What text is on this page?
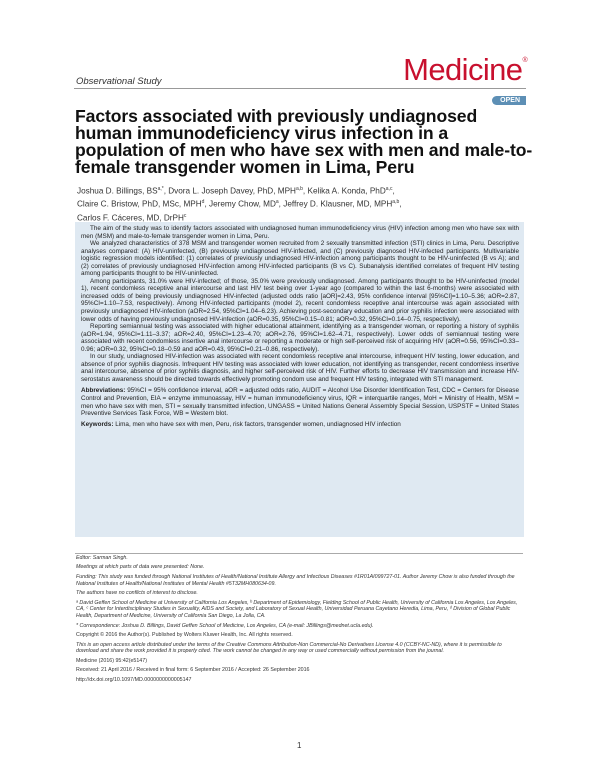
Observational Study	Medicine®
OPEN
Factors associated with previously undiagnosed human immunodeficiency virus infection in a population of men who have sex with men and male-to-female transgender women in Lima, Peru
Joshua D. Billings, $BS^{a,*}$, Dvora L. Joseph Davey, PhD, MPH$^{a,b}$, Kelika A. Konda, PhD$^{a,c}$,
Claire C. Bristow, PhD, MSc, MPH$^d$, Jeremy Chow, $MD^a$, Jeffrey D. Klausner, MD, MPH$^{a,b}$,
Carlos F. Cáceres, MD, DrPH$^c$

The aim of the study was to identify factors associated with undiagnosed human immunodeficiency virus (HIV) infection among men who have sex with men (MSM) and male-to-female transgender women in Lima, Peru.

We analyzed characteristics of 378 MSM and transgender women recruited from 2 sexually transmitted infection (STI) clinics in Lima, Peru. Descriptive analyses compared: (A) HIV-uninfected, (B) previously undiagnosed HIV-infected, and (C) previously diagnosed HIV-infected participants. Multivariable logistic regression models identified: (1) correlates of previously undiagnosed HIV-infection among participants thought to be HIV-uninfected (B vs A); and (2) correlates of previously undiagnosed HIV-infection among HIV-infected participants (B vs C). Subanalysis identified correlates of frequent HIV testing among participants thought to be HIV-uninfected.

Among participants, 31.0% were HIV-infected; of those, 35.0% were previously undiagnosed. Among participants thought to be HIV-uninfected (model 1), recent condomless receptive anal intercourse and last HIV test being over 1-year ago (compared to within the last 6-months) were associated with increased odds of being previously undiagnosed HIV-infected (adjusted odds ratio [aOR]=2.43, 95% confidence interval [95%CI]=1.10–5.36; aOR=2.87, 95%CI=1.10–7.53, respectively). Among HIV-infected participants (model 2), recent condomless receptive anal intercourse was again associated with previously undiagnosed HIV-infection (aOR=2.54, 95%CI=1.04–6.23). Achieving post-secondary education and prior syphilis infection were associated with lower odds of having previously undiagnosed HIV-infection (aOR=0.35, 95%CI=0.15–0.81; aOR=0.32, 95%CI=0.14–0.75, respectively).

Reporting semiannual testing was associated with higher educational attainment, identifying as a transgender woman, or reporting a history of syphilis (aOR=1.94, 95%CI=1.11–3.37; aOR=2.40, 95%CI=1.23–4.70; aOR=2.76, 95%CI=1.62–4.71, respectively). Lower odds of semiannual testing were associated with recent condomless insertive anal intercourse or reporting a moderate or high self-perceived risk of acquiring HIV (aOR=0.56, 95%CI=0.33–0.96; aOR=0.32, 95%CI=0.18–0.59 and aOR=0.43, 95%CI=0.21–0.86, respectively).

In our study, undiagnosed HIV-infection was associated with recent condomless receptive anal intercourse, infrequent HIV testing, lower education, and absence of prior syphilis diagnosis. Infrequent HIV testing was associated with lower education, not identifying as transgender, recent condomless insertive anal intercourse, absence of prior syphilis diagnosis, and higher self-perceived risk of HIV. Further efforts to decrease HIV transmission and increase HIV-serostatus awareness should be directed towards effectively promoting condom use and frequent HIV testing, integrated with STI management.

Abbreviations: 95%CI = 95% confidence interval, aOR = adjusted odds ratio, AUDIT = Alcohol Use Disorder Identification Test, CDC = Centers for Disease Control and Prevention, EIA = enzyme immunoassay, HIV = human immunodeficiency virus, IQR = interquartile ranges, MoH = Ministry of Health, MSM = men who have sex with men, STI = sexually transmitted infection, UNGASS = United Nations General Assembly Special Session, USPSTF = United States Preventive Services Task Force, WB = Western blot.

Keywords: Lima, men who have sex with men, Peru, risk factors, transgender women, undiagnosed HIV infection

Editor: Sarman Singh.

Meetings at which parts of data were presented: None.

Funding: This study was funded through National Institutes of Health/National Institute Allergy and Infectious Diseases #1R01AI099727-01. Author Jeremy Chow is also funded through the National Institutes of Health/National Institutes of Mental Health #5T32MH080634-09.

The authors have no conflicts of interest to disclose.

ᵃ David Geffen School of Medicine at University of California Los Angeles, ᵇ Department of Epidemiology, Fielding School of Public Health, University of California Los Angeles, Los Angeles, CA, ᶜ Center for Interdisciplinary Studies in Sexuality, AIDS and Society, and Laboratory of Sexual Health, Universidad Peruana Cayetano Heredia, Lima, Peru, ᵈ Division of Global Public Health, Department of Medicine, University of California San Diego, La Jolla, CA.

* Correspondence: Joshua D. Billings, David Geffen School of Medicine, Los Angeles, CA (e-mail: JBillings@mednet.ucla.edu).

Copyright © 2016 the Author(s). Published by Wolters Kluwer Health, Inc. All rights reserved.

This is an open access article distributed under the terms of the Creative Commons Attribution-Non Commercial-No Derivatives License 4.0 (CCBY-NC-ND), where it is permissible to download and share the work provided it is properly cited. The work cannot be changed in any way or used commercially without permission from the journal.

Medicine (2016) 95:42(e5147)

Received: 21 April 2016 / Received in final form: 6 September 2016 / Accepted: 26 September 2016

http://dx.doi.org/10.1097/MD.0000000000005147

1
